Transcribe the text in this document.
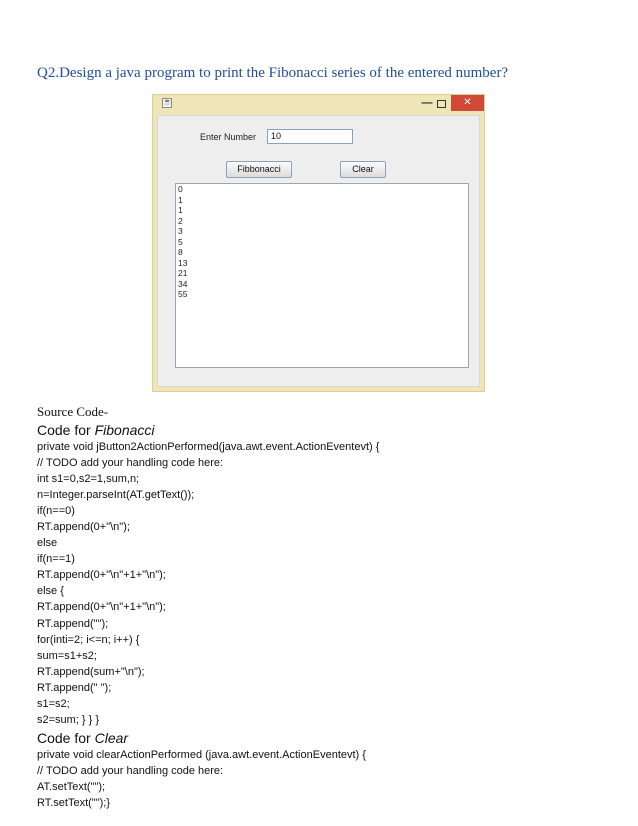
Q2.Design a java program to print the Fibonacci series of the entered number?
☕	—	✕
Enter Number	10
Fibbonacci	Clear
0
1
1
2
3
5
8
13
21
34
55
Source Code-
Code for Fibonacci
private void jButton2ActionPerformed(java.awt.event.ActionEventevt) {
// TODO add your handling code here:
int s1=0,s2=1,sum,n;
n=Integer.parseInt(AT.getText());
if(n==0)
RT.append(0+"\n");
else
if(n==1)
RT.append(0+"\n"+1+"\n");
else {
RT.append(0+"\n"+1+"\n");
RT.append("");
for(inti=2; i<=n; i++) {
sum=s1+s2;
RT.append(sum+"\n");
RT.append(" ");
s1=s2;
s2=sum; } } }
Code for Clear
private void clearActionPerformed (java.awt.event.ActionEventevt) {
// TODO add your handling code here:
AT.setText("");
RT.setText("");}
